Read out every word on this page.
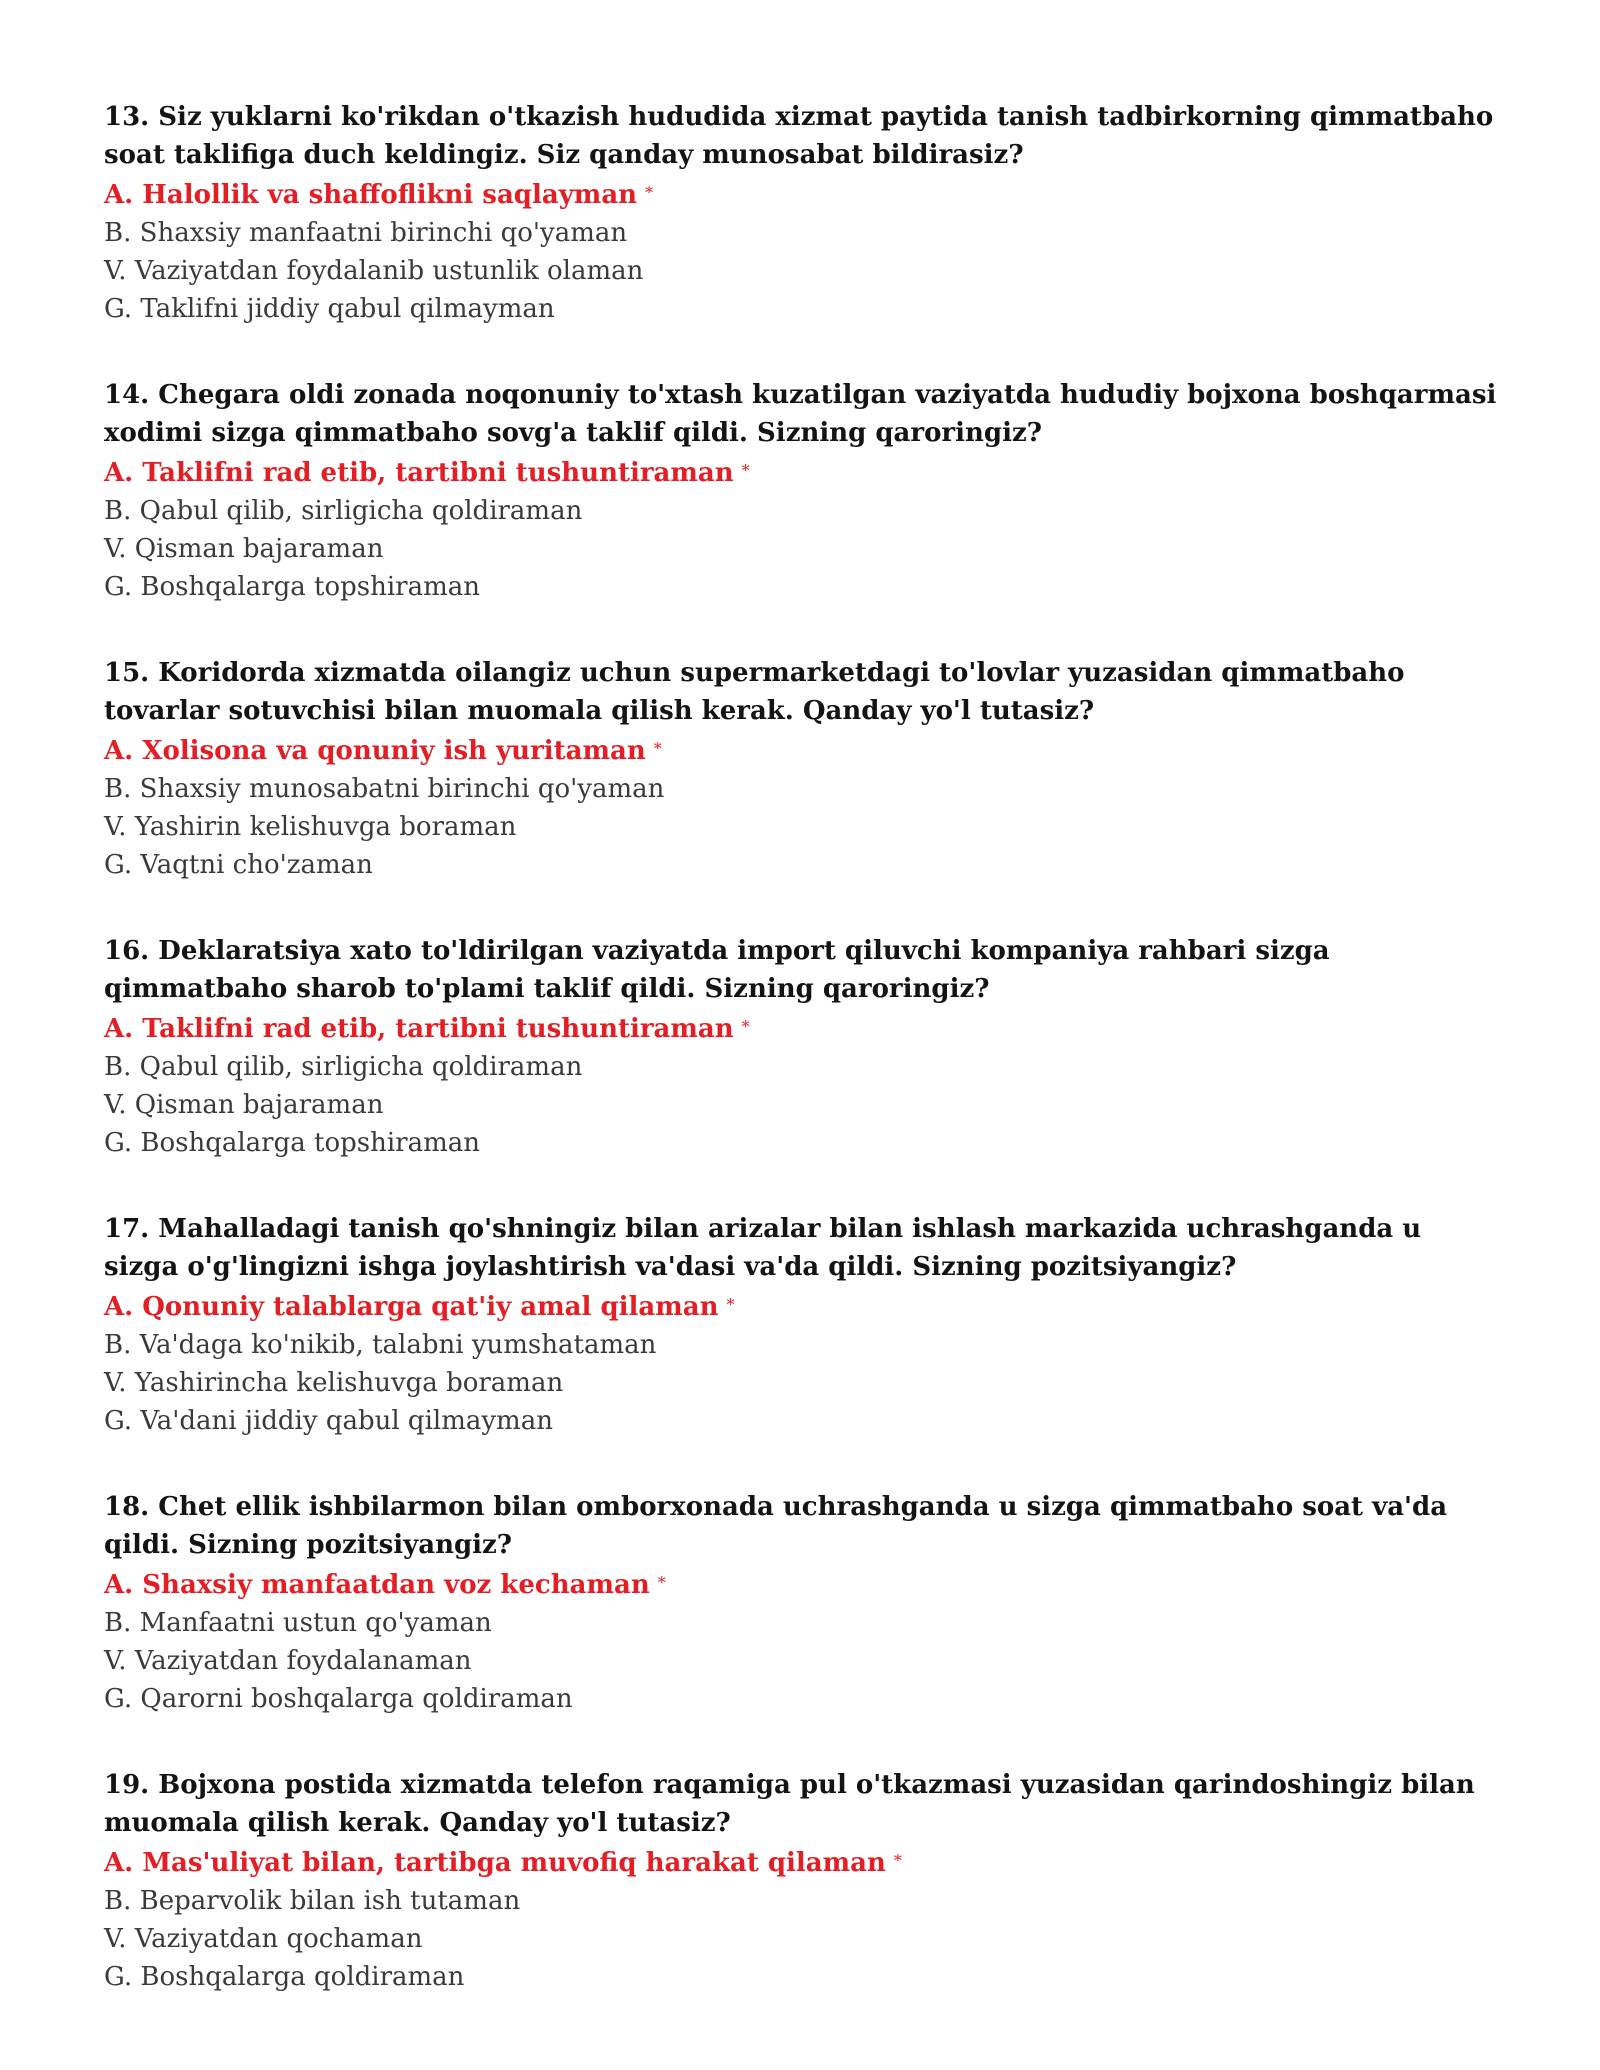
13. Siz yuklarni ko'rikdan o'tkazish hududida xizmat paytida tanish tadbirkorning qimmatbaho soat taklifiga duch keldingiz. Siz qanday munosabat bildirasiz?

A. Halollik va shaffoflikni saqlayman *

B. Shaxsiy manfaatni birinchi qo'yaman

V. Vaziyatdan foydalanib ustunlik olaman

G. Taklifni jiddiy qabul qilmayman

14. Chegara oldi zonada noqonuniy to'xtash kuzatilgan vaziyatda hududiy bojxona boshqarmasi xodimi sizga qimmatbaho sovg'a taklif qildi. Sizning qaroringiz?

A. Taklifni rad etib, tartibni tushuntiraman *

B. Qabul qilib, sirligicha qoldiraman

V. Qisman bajaraman

G. Boshqalarga topshiraman

15. Koridorda xizmatda oilangiz uchun supermarketdagi to'lovlar yuzasidan qimmatbaho tovarlar sotuvchisi bilan muomala qilish kerak. Qanday yo'l tutasiz?

A. Xolisona va qonuniy ish yuritaman *

B. Shaxsiy munosabatni birinchi qo'yaman

V. Yashirin kelishuvga boraman

G. Vaqtni cho'zaman

16. Deklaratsiya xato to'ldirilgan vaziyatda import qiluvchi kompaniya rahbari sizga qimmatbaho sharob to'plami taklif qildi. Sizning qaroringiz?

A. Taklifni rad etib, tartibni tushuntiraman *

B. Qabul qilib, sirligicha qoldiraman

V. Qisman bajaraman

G. Boshqalarga topshiraman

17. Mahalladagi tanish qo'shningiz bilan arizalar bilan ishlash markazida uchrashganda u sizga o'g'lingizni ishga joylashtirish va'dasi va'da qildi. Sizning pozitsiyangiz?

A. Qonuniy talablarga qat'iy amal qilaman *

B. Va'daga ko'nikib, talabni yumshataman

V. Yashirincha kelishuvga boraman

G. Va'dani jiddiy qabul qilmayman

18. Chet ellik ishbilarmon bilan omborxonada uchrashganda u sizga qimmatbaho soat va'da qildi. Sizning pozitsiyangiz?

A. Shaxsiy manfaatdan voz kechaman *

B. Manfaatni ustun qo'yaman

V. Vaziyatdan foydalanaman

G. Qarorni boshqalarga qoldiraman

19. Bojxona postida xizmatda telefon raqamiga pul o'tkazmasi yuzasidan qarindoshingiz bilan muomala qilish kerak. Qanday yo'l tutasiz?

A. Mas'uliyat bilan, tartibga muvofiq harakat qilaman *

B. Beparvolik bilan ish tutaman

V. Vaziyatdan qochaman

G. Boshqalarga qoldiraman
